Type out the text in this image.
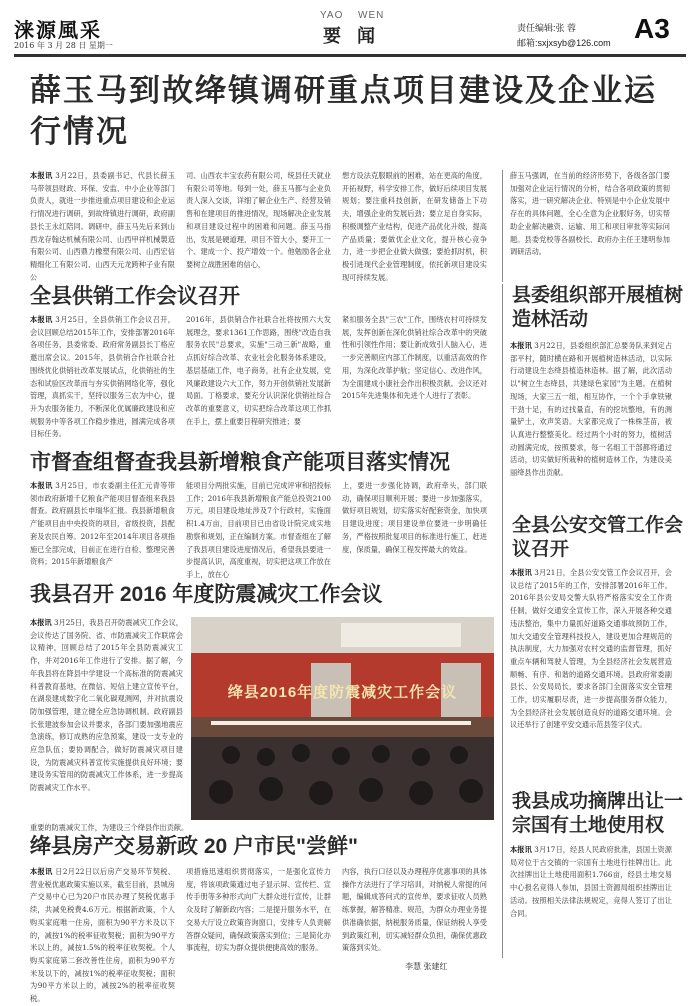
涞源風采
2016 年 3 月 28 日 星期一
YAO WEN
要闻	责任编辑:张 蓉
邮箱:sxjxsyb@126.com A3
薛玉马到故绛镇调研重点项目建设及企业运行情况
本报讯 3月22日，县委副书记、代县长薛玉马带领县财政、环保、安监、中小企业等部门负责人，就进一步推进重点项目建设和企业运行情况进行调研，到故绛镇进行调研，政府副县长王永红陪同。调研中，薛玉马先后来到山西龙存翰达机械有限公司、山西甲祥机械製造有限公司、山西鼎力橡塑有限公司、山西宏信精细化工有限公司、山西天元龙跨种子业有限公
司、山西农丰宝农药有限公司，统县任天就业有限公司等地。每到一处，薛玉马都与企业负责人深入交谈，详细了解企业生产、经营及销售和在建项目的推进情况，现场解决企业发展和项目建设过程中的困难和问题。薛玉马指出，发展是硬道理，项目不管大小，要开工一个、建成一个、投产增效一个。他勉励各企业要树立战胜困难的信心，
想方设法克服眼前的困难，站在更高的角度，开拓视野，科学安排工作，做好后续项目发展规划；要注重科技创新，在研发储备上下功夫，增强企业的发展后劲；要立足自身实际，积极调整产业结构，促进产品优化升级，提高产品质量；要做优企业文化，提升核心竞争力，进一步把企业做大做强；要抢抓时机，积极引进现代企业管理制度，依托新项目建设实现可持续发展。
薛玉马强调，在当前的经济形势下，各级各部门要加强对企业运行情况的分析，结合各项政策的贯彻落实，进一研究解决企业、特别是中小企业发展中存在的具体问题，全心全意为企业服好务，切实帮助企业解决融资、运输、用工和项目审批等实际问题。县委党校等各副校长、政府办主任王建明参加调研活动。
全县供销工作会议召开
本报讯 3月25日，全县供销工作会议召开，会议回顾总结2015年工作，安排部署2016年各项任务，县委常委、政府常务副县长丁格应邀出席会议。2015年，县供销合作社联合社围绕优化供销社改革发展试点，化供销社的生态和试验区改革而与夯实供销网络化等，强化管理，真抓实干，坚持以服务三农为中心，提升为农服务能力，不断深化优属廉政建设和应规服务中等各项工作稳步推进，圆满完成各项目标任务。
2016年，县供销合作社联合社将按照六大发展理念，要求1361工作思路，围绕"改造自我 服务农民"总要求，实施"三动三新"战略，重点抓好综合改革、农业社会化服务体系建设，基层基础工作，电子商务，社有企业发展，党风廉政建设六大工作，努力开创供销社发展新局面。丁格要求，要充分认识深化供销社综合改革的重要意义，切实把综合改革这项工作抓在手上，摆上重要日程研究推进；要
紧扣服务全县"三农"工作，围绕农村可持续发展，发挥创新在深化供销社综合改革中的突破性和引领性作用；要让新成效引人脑入心，进一步完善顺应内部工作制度，以重活高效的作用，为深化改革护航；坚定信心、改进作风，为全面建成小康社会作出积极贡献。会议还对2015年先进集体和先进个人进行了表彰。
县委组织部开展植树造林活动
本报讯 3月22日，县委组织部汇总要务队来到定占部平村，随时横在路和开展植树造林活动，以实际行动建设生态绛县植造林造林。据了解，此次活动以"树立生态绛县，共建绿色家园"为主题。在植树现场，大家三五一组，相互协作，一个个手拿铁锹干劲十足，有的过找量直，有的挖坑整地，有的测量铲土，欢声笑语。大家都完成了一株株茎苗，被认真进行整整美化。经过两个小时的努力，植树活动圆满完成，按照要求，每一名组工干部都将通过活动，切实做好所栽种的植树造林工作，为建设美丽绛县作出贡献。
市督查组督查我县新增粮食产能项目落实情况
本报讯 3月25日，市农委副主任汇元青等带领市政府新增千亿粮食产能项目督查组来我县督查。政府副县长申瑞华汇报。我县新增粮食产能项目由中央投资的项目，省级投资，县配套及农民自筹。2012年至2014年项目各项指施已全部完成，目前正在进行自检、整理完善资料；2015年新增粮食产
能项目分两批实施，目前已完成评审和招投标工作；2016年我县新增粮食产能总投资2100万元，项目建设地址涉及7个行政村，实施面积1.4万亩，目前项目已由省设计院完成实地勘察和规划，正在编制方案。市督查组在了解了我县项目建设进度情况后，希望我县要进一步提高认识，高度重视，切实把这项工作放在手上，放在心
上，要进一步强化协调，政府牵头，部门联动，确保项目顺利开展；要进一步加强落实，做好项目规划，切实落实好配套资金，加快项目建设进度；项目建设单位要进一步明确任务，严格按照批复项目的标准进行施工，赶进度，保质量，确保工程发挥最大的效益。
全县公安交管工作会议召开
本报讯 3月21日，全县公安交管工作会议召开，会议总结了2015年的工作，安排部署2016年工作。2016年县公安局交警大队将严格落实安全工作责任制，做好交通安全宣传工作，深入开展各种交通违法整治，集中力量抓好道路交通事故预防工作，加大交通安全管理科技投入，建设更加合理规范的执法制度，大力加强对农村交通的监督管理，抓好重点车辆和驾驶人管理，为全县经济社会发展营造顺畅、有序、和谐的道路交通环境。县政府常委副县长、公安局局长，要求各部门全面落实安全管理工作，切实履职尽责，进一步提高服务群众能力，为全县经济社会发展创造良好的道路交通环境。会议还举行了创建平安交通示范县签字仪式。
我县召开 2016 年度防震减灾工作会议
本报讯 3月25日，我县召开防震减灾工作会议，会议传达了国务院、省、市防震减灾工作联席会议精神，回顾总结了2015年全县防震减灾工作，并对2016年工作进行了安排。据了解，今年我县将在降县中学建设一个高标准的防震减灾科普教育基地，在微信、短信上建立宣传平台，在湖泉建成数字化二氧化碳观测网，并对抗震设防加强管理，建立健全应急协调机制。政府副县长张建波参加会议并要求，各部门要加强地震应急演练，修订成熟的应急预案，建设一支专业的应急队伍；要协调配合，做好防震减灾项目建设，为防震减灾科普宣传实施提供良好环境；要建设务实管用的防震减灾工作体系，进一步提高防震减灾工作水平。
绛县2016年度防震减灾工作会议
重要的防震减灾工作，为建设三个绛县作出贡献。
我县成功摘牌出让一宗国有土地使用权
本报讯 3月17日，经县人民政府批准，县国土资源局对位于古交镇的一宗国有土地进行挂牌出让。此次挂牌出让土地使用面积1.766亩，经县土地交易中心报名竞得人参加，县国土资源局组织挂牌出让活动。按照相关法律法规规定，竞得人签订了出让合同。
绛县房产交易新政 20 户市民"尝鲜"
本报讯 日2月22日以后房产交易环节契税、营业税优惠政策实施以来，截至目前，县城房产交易中心已为20户市民办理了契税优惠手续，共减免税费4.6万元。根据新政策，个人购买家庭唯一住房，面积为90平方米及以下的，减按1%的税率征收契税；面积为90平方米以上的，减按1.5%的税率征收契税。个人购买家庭第二套改善性住房，面积为90平方米及以下的，减按1%的税率征收契税；面积为90平方米以上的，减按2%的税率征收契税。
项措施迅速组织贯彻落实，一是强化宣传力度，将该项政策通过电子显示屏、宣传栏、宣传手册等多种形式向广大群众进行宣传，让群众及时了解新政内容；二是提升服务水平，在交易大厅设立政策咨询窗口，安排专人负责解答群众疑问，确保政策落实到位；三是简化办事流程，切实为群众提供便捷高效的服务。
内容，执行口径以及办理程序优惠事项的具体操作方法进行了学习培训，对纳税人常提的问题，编辑成答问式的宣传单，要求征收人员熟练掌握，解答精准、规范，为群众办理业务提供准确依据，纳税服务质量，保证纳税人享受到政策红利，切实减轻群众负担，确保优惠政策落到实处。
李慧 张建红
